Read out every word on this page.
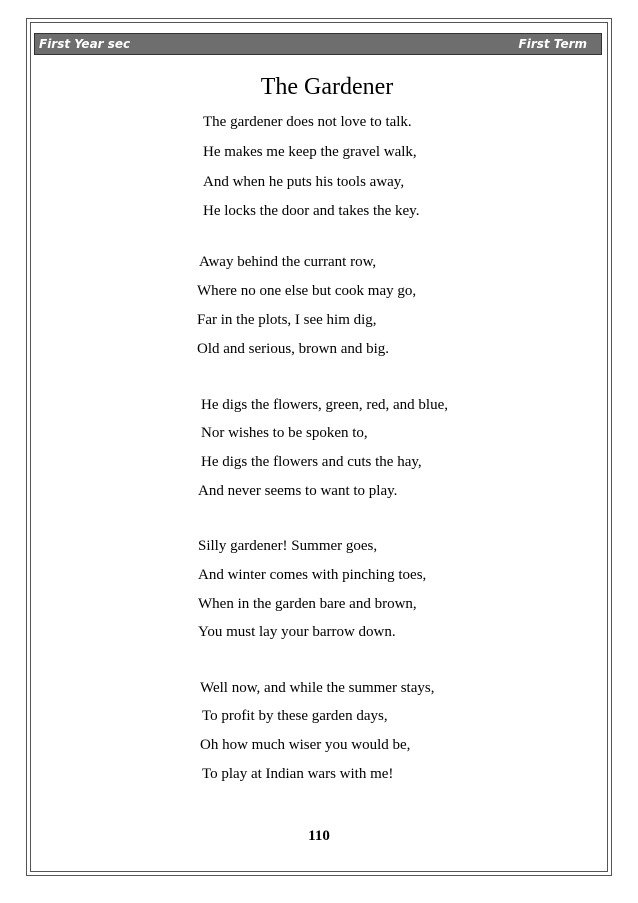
First Year sec	First Term
The Gardener
The gardener does not love to talk.
He makes me keep the gravel walk,
And when he puts his tools away,
He locks the door and takes the key.
Away behind the currant row,
Where no one else but cook may go,
Far in the plots, I see him dig,
Old and serious, brown and big.
He digs the flowers, green, red, and blue,
Nor wishes to be spoken to,
He digs the flowers and cuts the hay,
And never seems to want to play.
Silly gardener! Summer goes,
And winter comes with pinching toes,
When in the garden bare and brown,
You must lay your barrow down.
Well now, and while the summer stays,
To profit by these garden days,
Oh how much wiser you would be,
To play at Indian wars with me!
110
